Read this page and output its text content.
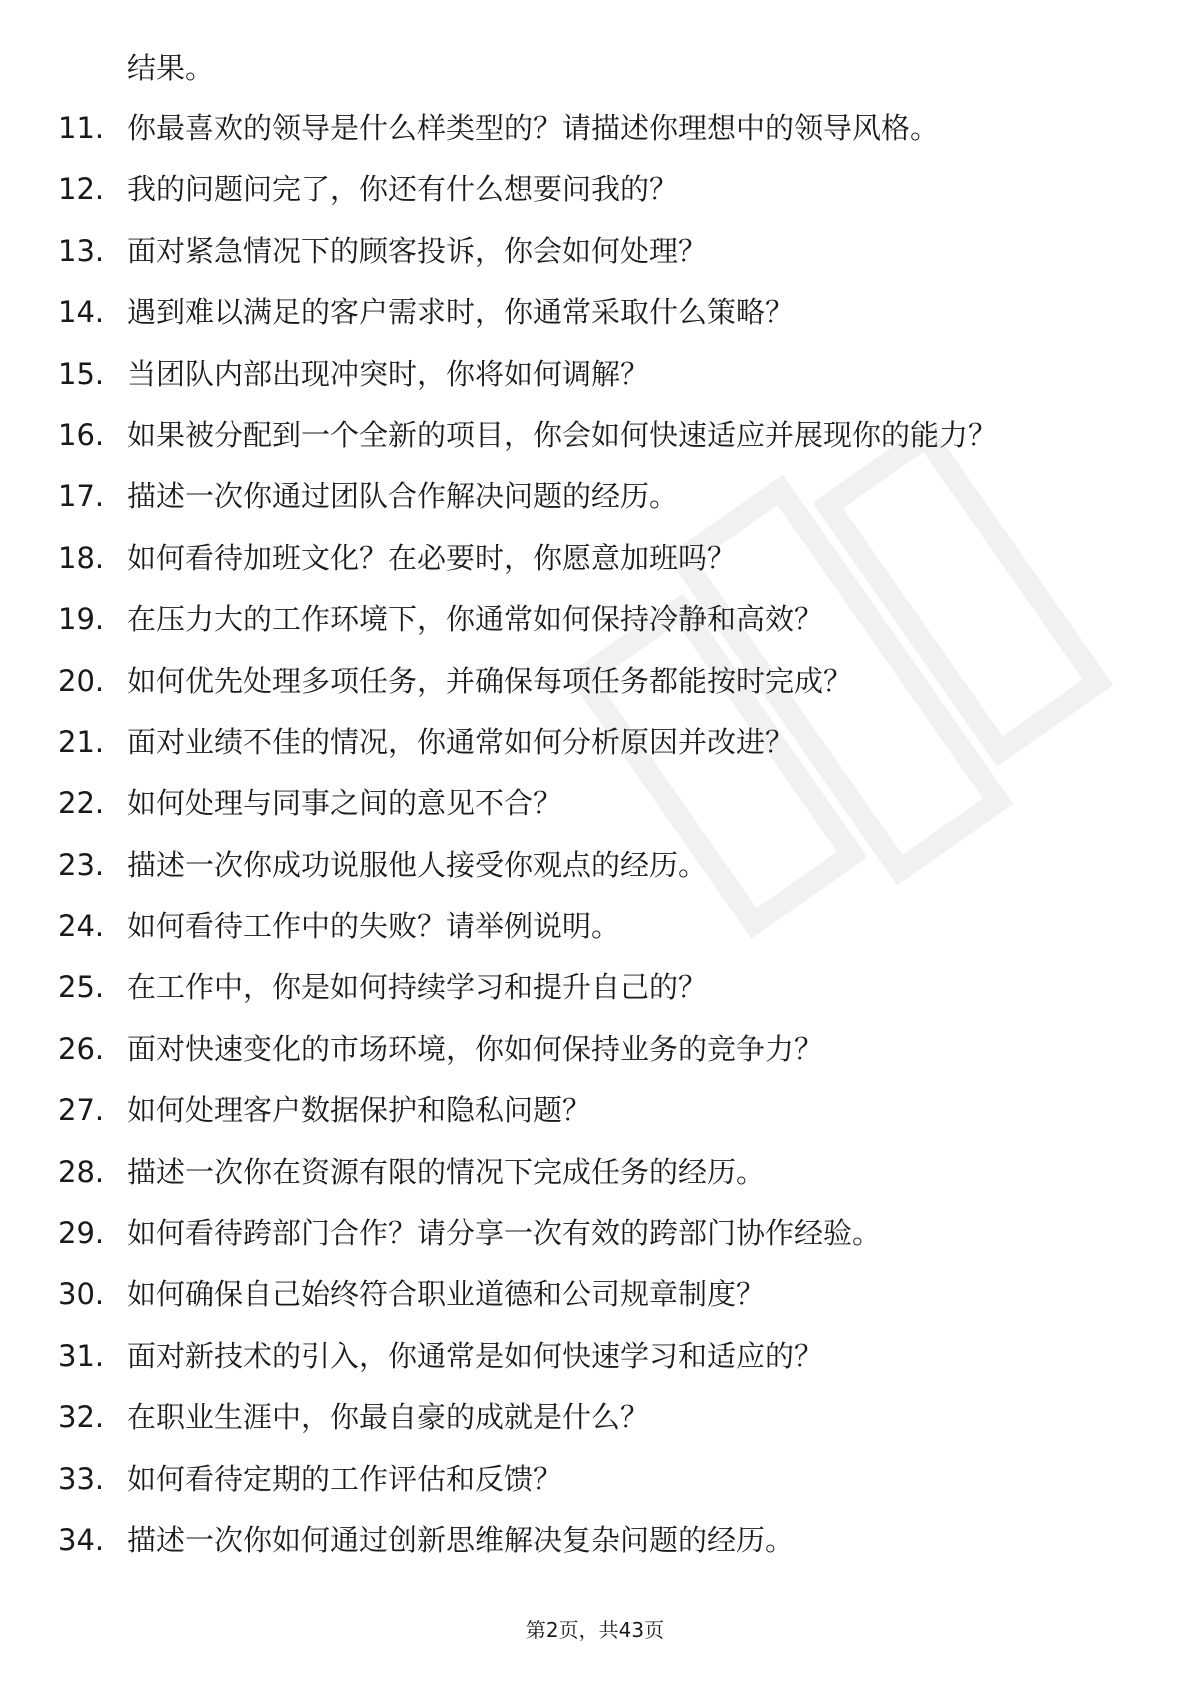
结果。
11. 你最喜欢的领导是什么样类型的？请描述你理想中的领导风格。
12. 我的问题问完了，你还有什么想要问我的？
13. 面对紧急情况下的顾客投诉，你会如何处理？
14. 遇到难以满足的客户需求时，你通常采取什么策略？
15. 当团队内部出现冲突时，你将如何调解？
16. 如果被分配到一个全新的项目，你会如何快速适应并展现你的能力？
17. 描述一次你通过团队合作解决问题的经历。
18. 如何看待加班文化？在必要时，你愿意加班吗？
19. 在压力大的工作环境下，你通常如何保持冷静和高效？
20. 如何优先处理多项任务，并确保每项任务都能按时完成？
21. 面对业绩不佳的情况，你通常如何分析原因并改进？
22. 如何处理与同事之间的意见不合？
23. 描述一次你成功说服他人接受你观点的经历。
24. 如何看待工作中的失败？请举例说明。
25. 在工作中，你是如何持续学习和提升自己的？
26. 面对快速变化的市场环境，你如何保持业务的竞争力？
27. 如何处理客户数据保护和隐私问题？
28. 描述一次你在资源有限的情况下完成任务的经历。
29. 如何看待跨部门合作？请分享一次有效的跨部门协作经验。
30. 如何确保自己始终符合职业道德和公司规章制度？
31. 面对新技术的引入，你通常是如何快速学习和适应的？
32. 在职业生涯中，你最自豪的成就是什么？
33. 如何看待定期的工作评估和反馈？
34. 描述一次你如何通过创新思维解决复杂问题的经历。
第2页，共43页
